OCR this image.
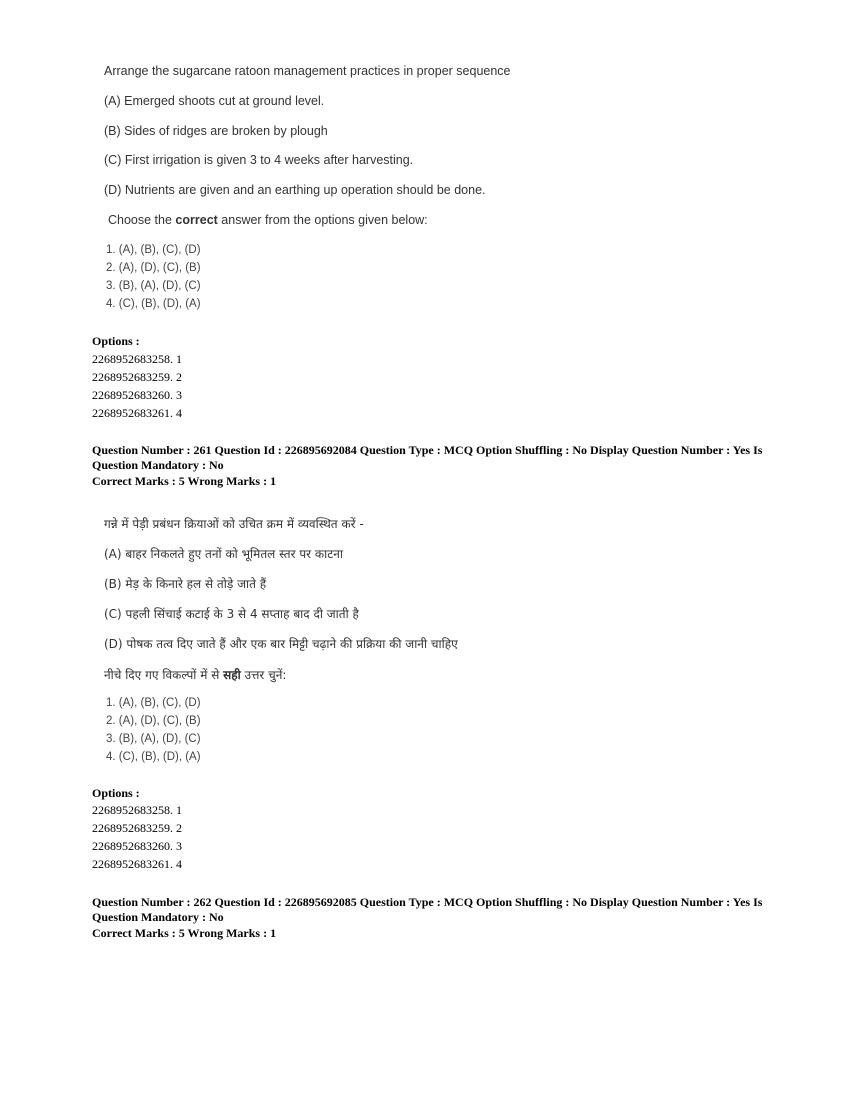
Arrange the sugarcane ratoon management practices in proper sequence
(A) Emerged shoots cut at ground level.
(B) Sides of ridges are broken by plough
(C) First irrigation is given 3 to 4 weeks after harvesting.
(D) Nutrients are given and an earthing up operation should be done.
Choose the correct answer from the options given below:
1. (A), (B), (C), (D)
2. (A), (D), (C), (B)
3. (B), (A), (D), (C)
4. (C), (B), (D), (A)
Options :
2268952683258. 1
2268952683259. 2
2268952683260. 3
2268952683261. 4
Question Number : 261 Question Id : 226895692084 Question Type : MCQ Option Shuffling : No Display Question Number : Yes Is Question Mandatory : No
Correct Marks : 5 Wrong Marks : 1
गन्ने में पेड़ी प्रबंधन क्रियाओं को उचित क्रम में व्यवस्थित करें -
(A) बाहर निकलते हुए तनों को भूमितल स्तर पर काटना
(B) मेड़ के किनारे हल से तोड़े जाते हैं
(C) पहली सिंचाई कटाई के 3 से 4 सप्ताह बाद दी जाती है
(D) पोषक तत्व दिए जाते हैं और एक बार मिट्टी चढ़ाने की प्रक्रिया की जानी चाहिए
नीचे दिए गए विकल्पों में से सही उत्तर चुनें:
1. (A), (B), (C), (D)
2. (A), (D), (C), (B)
3. (B), (A), (D), (C)
4. (C), (B), (D), (A)
Options :
2268952683258. 1
2268952683259. 2
2268952683260. 3
2268952683261. 4
Question Number : 262 Question Id : 226895692085 Question Type : MCQ Option Shuffling : No Display Question Number : Yes Is Question Mandatory : No
Correct Marks : 5 Wrong Marks : 1
